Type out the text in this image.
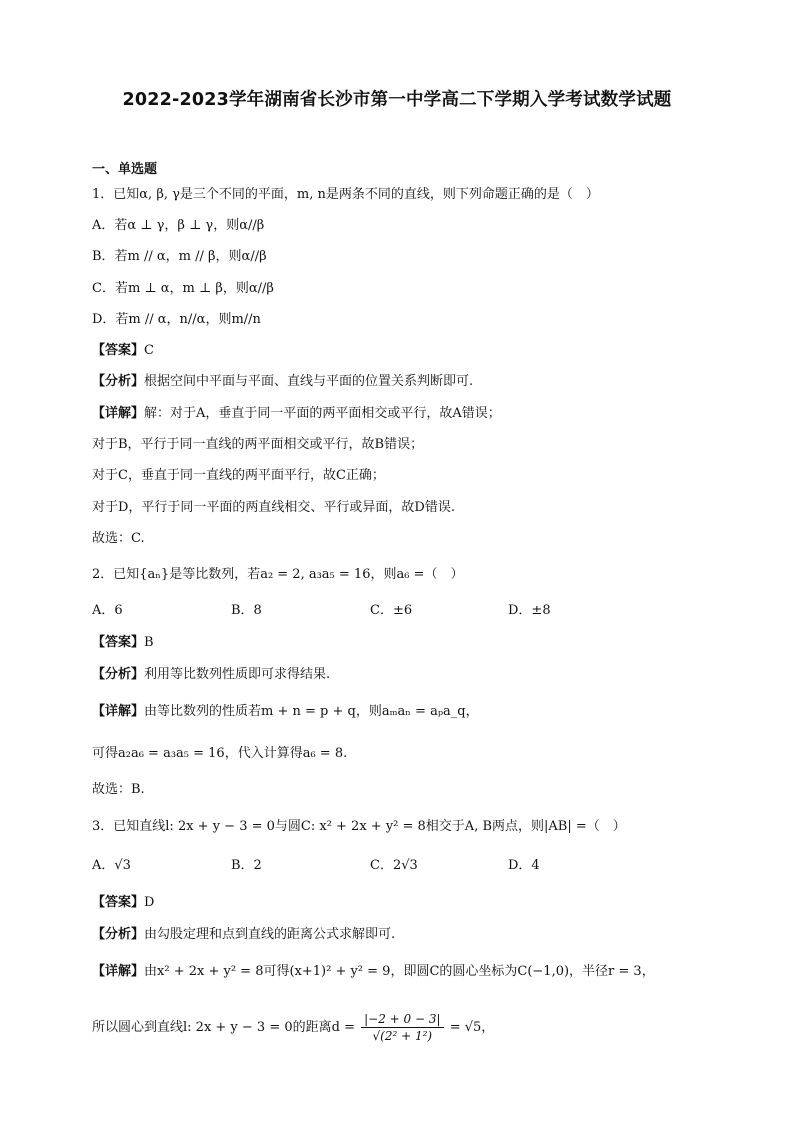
2022-2023学年湖南省长沙市第一中学高二下学期入学考试数学试题
一、单选题
1．已知α, β, γ是三个不同的平面，m, n是两条不同的直线，则下列命题正确的是（　）
A．若α ⊥ γ，β ⊥ γ，则α//β
B．若m // α，m // β，则α//β
C．若m ⊥ α，m ⊥ β，则α//β
D．若m // α，n//α，则m//n
【答案】C
【分析】根据空间中平面与平面、直线与平面的位置关系判断即可.
【详解】解：对于A，垂直于同一平面的两平面相交或平行，故A错误；
对于B，平行于同一直线的两平面相交或平行，故B错误；
对于C，垂直于同一直线的两平面平行，故C正确；
对于D，平行于同一平面的两直线相交、平行或异面，故D错误.
故选：C.
2．已知{aₙ}是等比数列，若a₂ = 2, a₃a₅ = 16，则a₆ =（　）
A．6	B．8	C．±6	D．±8
【答案】B
【分析】利用等比数列性质即可求得结果.
【详解】由等比数列的性质若m + n = p + q，则aₘaₙ = aₚa_q，
可得a₂a₆ = a₃a₅ = 16，代入计算得a₆ = 8.
故选：B.
3．已知直线l: 2x + y − 3 = 0与圆C: x² + 2x + y² = 8相交于A, B两点，则|AB| =（　）
A．√3	B．2	C．2√3	D．4
【答案】D
【分析】由勾股定理和点到直线的距离公式求解即可.
【详解】由x² + 2x + y² = 8可得(x+1)² + y² = 9，即圆C的圆心坐标为C(−1,0)，半径r = 3，
所以圆心到直线l: 2x + y − 3 = 0的距离$d = \frac{|-2 + 0 - 3|}{\text{√(2² + 1²)}} = √5$，
